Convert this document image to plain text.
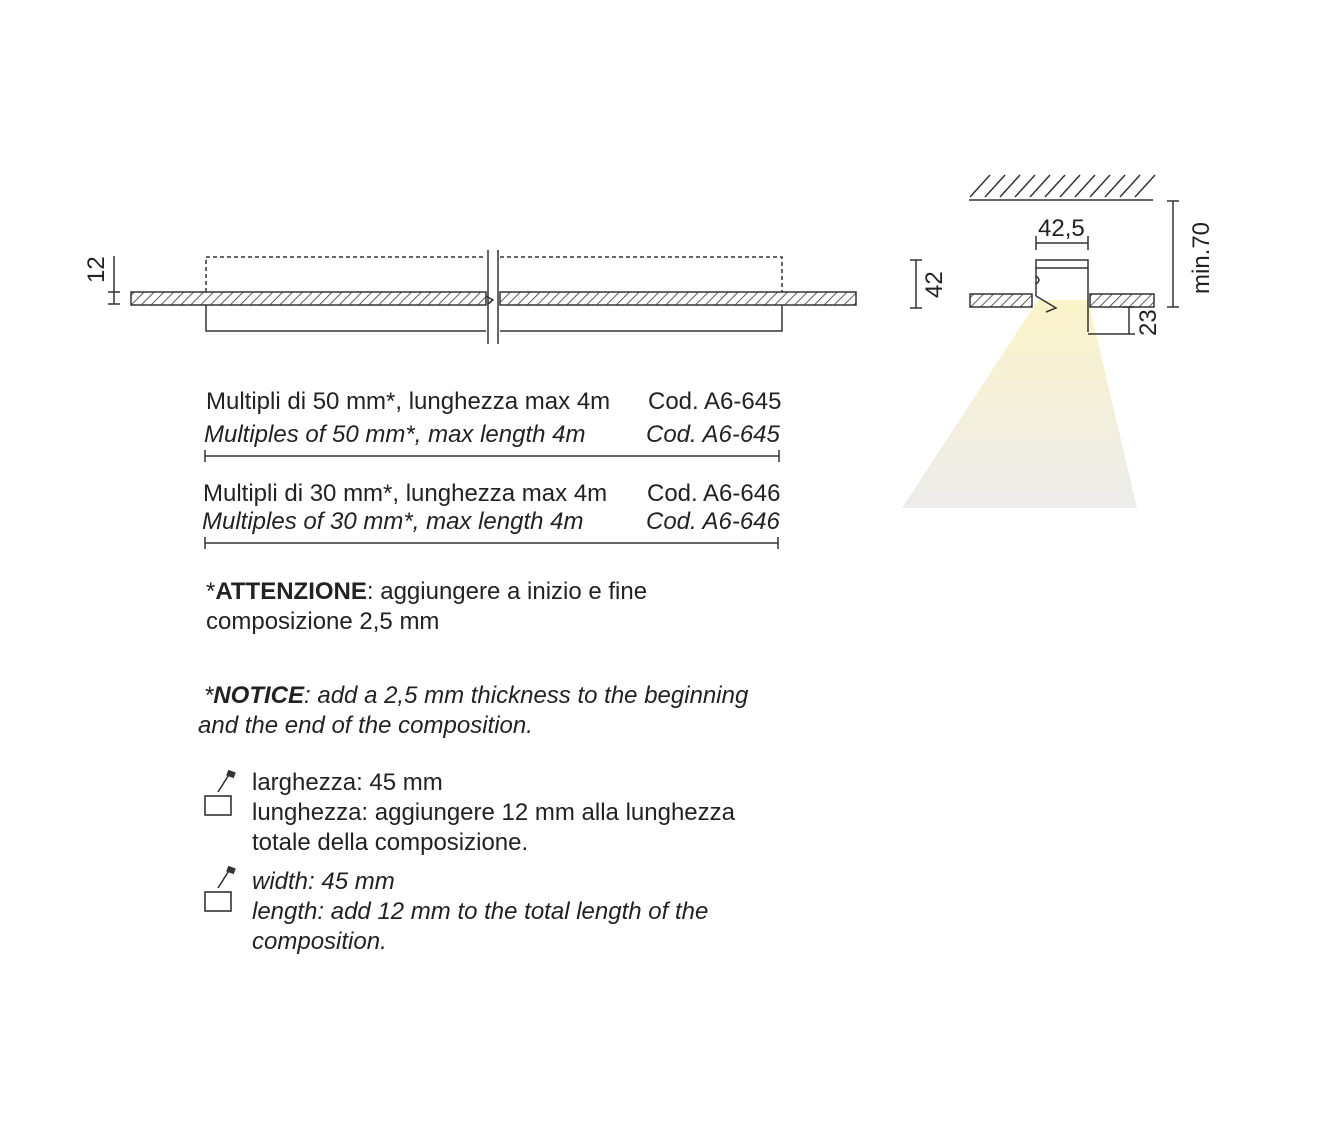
12
42,5
42	min.70
23
Multipli di 50 mm*, lunghezza max 4m Cod. A6-645
Multiples of 50 mm*, max length 4m	Cod. A6-645
Multipli di 30 mm*, lunghezza max 4m Cod. A6-646
Multiples of 30 mm*, max length 4m	Cod. A6-646
*ATTENZIONE: aggiungere a inizio e fine
composizione 2,5 mm
*NOTICE: add a 2,5 mm thickness to the beginning
and the end of the composition.
larghezza: 45 mm
lunghezza: aggiungere 12 mm alla lunghezza
totale della composizione.
width: 45 mm
length: add 12 mm to the total length of the
composition.
